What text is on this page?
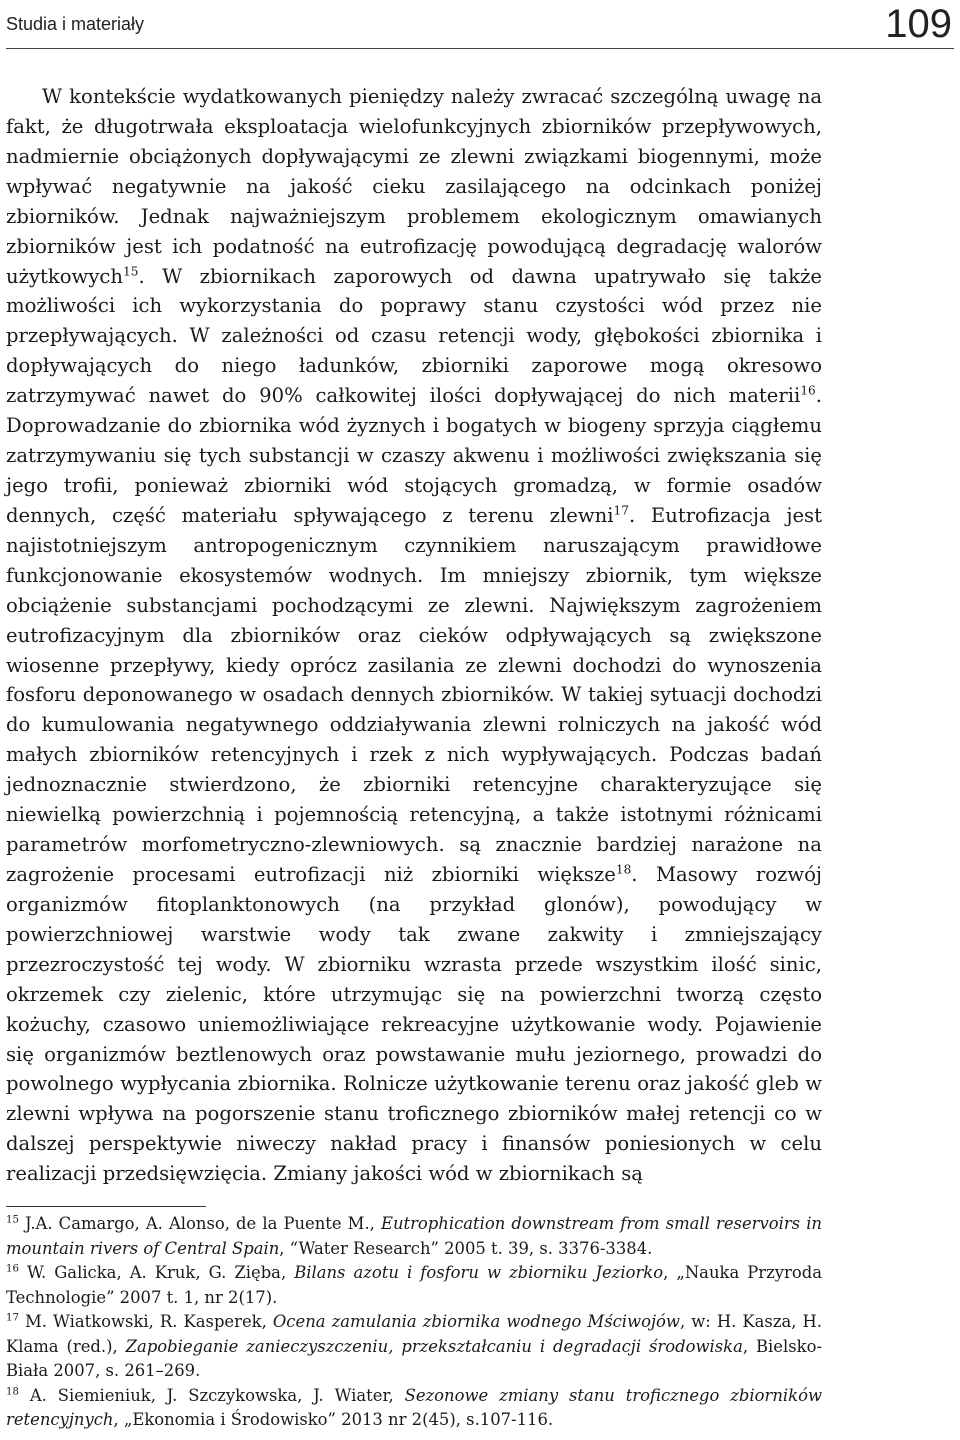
Studia i materiały	109

W kontekście wydatkowanych pieniędzy należy zwracać szczególną uwagę na fakt, że długotrwała eksploatacja wielofunkcyjnych zbiorników przepływowych, nadmiernie obciążonych dopływającymi ze zlewni związkami biogennymi, może wpływać negatywnie na jakość cieku zasilającego na odcinkach poniżej zbiorników. Jednak najważniejszym problemem ekologicznym omawianych zbiorników jest ich podatność na eutrofizację powodującą degradację walorów użytkowych$^{15}$. W zbiornikach zaporowych od dawna upatrywało się także możliwości ich wykorzystania do poprawy stanu czystości wód przez nie przepływających. W zależności od czasu retencji wody, głębokości zbiornika i dopływających do niego ładunków, zbiorniki zaporowe mogą okresowo zatrzymywać nawet do 90% całkowitej ilości dopływającej do nich materii$^{16}$. Doprowadzanie do zbiornika wód żyznych i bogatych w biogeny sprzyja ciągłemu zatrzymywaniu się tych substancji w czaszy akwenu i możliwości zwiększania się jego trofii, ponieważ zbiorniki wód stojących gromadzą, w formie osadów dennych, część materiału spływającego z terenu zlewni$^{17}$. Eutrofizacja jest najistotniejszym antropogenicznym czynnikiem naruszającym prawidłowe funkcjonowanie ekosystemów wodnych. Im mniejszy zbiornik, tym większe obciążenie substancjami pochodzącymi ze zlewni. Największym zagrożeniem eutrofizacyjnym dla zbiorników oraz cieków odpływających są zwiększone wiosenne przepływy, kiedy oprócz zasilania ze zlewni dochodzi do wynoszenia fosforu deponowanego w osadach dennych zbiorników. W takiej sytuacji dochodzi do kumulowania negatywnego oddziaływania zlewni rolniczych na jakość wód małych zbiorników retencyjnych i rzek z nich wypływających. Podczas badań jednoznacznie stwierdzono, że zbiorniki retencyjne charakteryzujące się niewielką powierzchnią i pojemnością retencyjną, a także istotnymi różnicami parametrów morfometryczno-zlewniowych. są znacznie bardziej narażone na zagrożenie procesami eutrofizacji niż zbiorniki większe$^{18}$. Masowy rozwój organizmów fitoplanktonowych (na przykład glonów), powodujący w powierzchniowej warstwie wody tak zwane zakwity i zmniejszający przezroczystość tej wody. W zbiorniku wzrasta przede wszystkim ilość sinic, okrzemek czy zielenic, które utrzymując się na powierzchni tworzą często kożuchy, czasowo uniemożliwiające rekreacyjne użytkowanie wody. Pojawienie się organizmów beztlenowych oraz powstawanie mułu jeziornego, prowadzi do powolnego wypłycania zbiornika. Rolnicze użytkowanie terenu oraz jakość gleb w zlewni wpływa na pogorszenie stanu troficznego zbiorników małej retencji co w dalszej perspektywie niweczy nakład pracy i finansów poniesionych w celu realizacji przedsięwzięcia. Zmiany jakości wód w zbiornikach są

$^{15}$ J.A. Camargo, A. Alonso, de la Puente M., Eutrophication downstream from small reservoirs in mountain rivers of Central Spain, “Water Research” 2005 t. 39, s. 3376-3384.

$^{16}$ W. Galicka, A. Kruk, G. Zięba, Bilans azotu i fosforu w zbiorniku Jeziorko, „Nauka Przyroda Technologie” 2007 t. 1, nr 2(17).

$^{17}$ M. Wiatkowski, R. Kasperek, Ocena zamulania zbiornika wodnego Mściwojów, w: H. Kasza, H. Klama (red.), Zapobieganie zanieczyszczeniu, przekształcaniu i degradacji środowiska, Bielsko-Biała 2007, s. 261–269.

$^{18}$ A. Siemieniuk, J. Szczykowska, J. Wiater, Sezonowe zmiany stanu troficznego zbiorników retencyjnych, „Ekonomia i Środowisko” 2013 nr 2(45), s.107-116.
